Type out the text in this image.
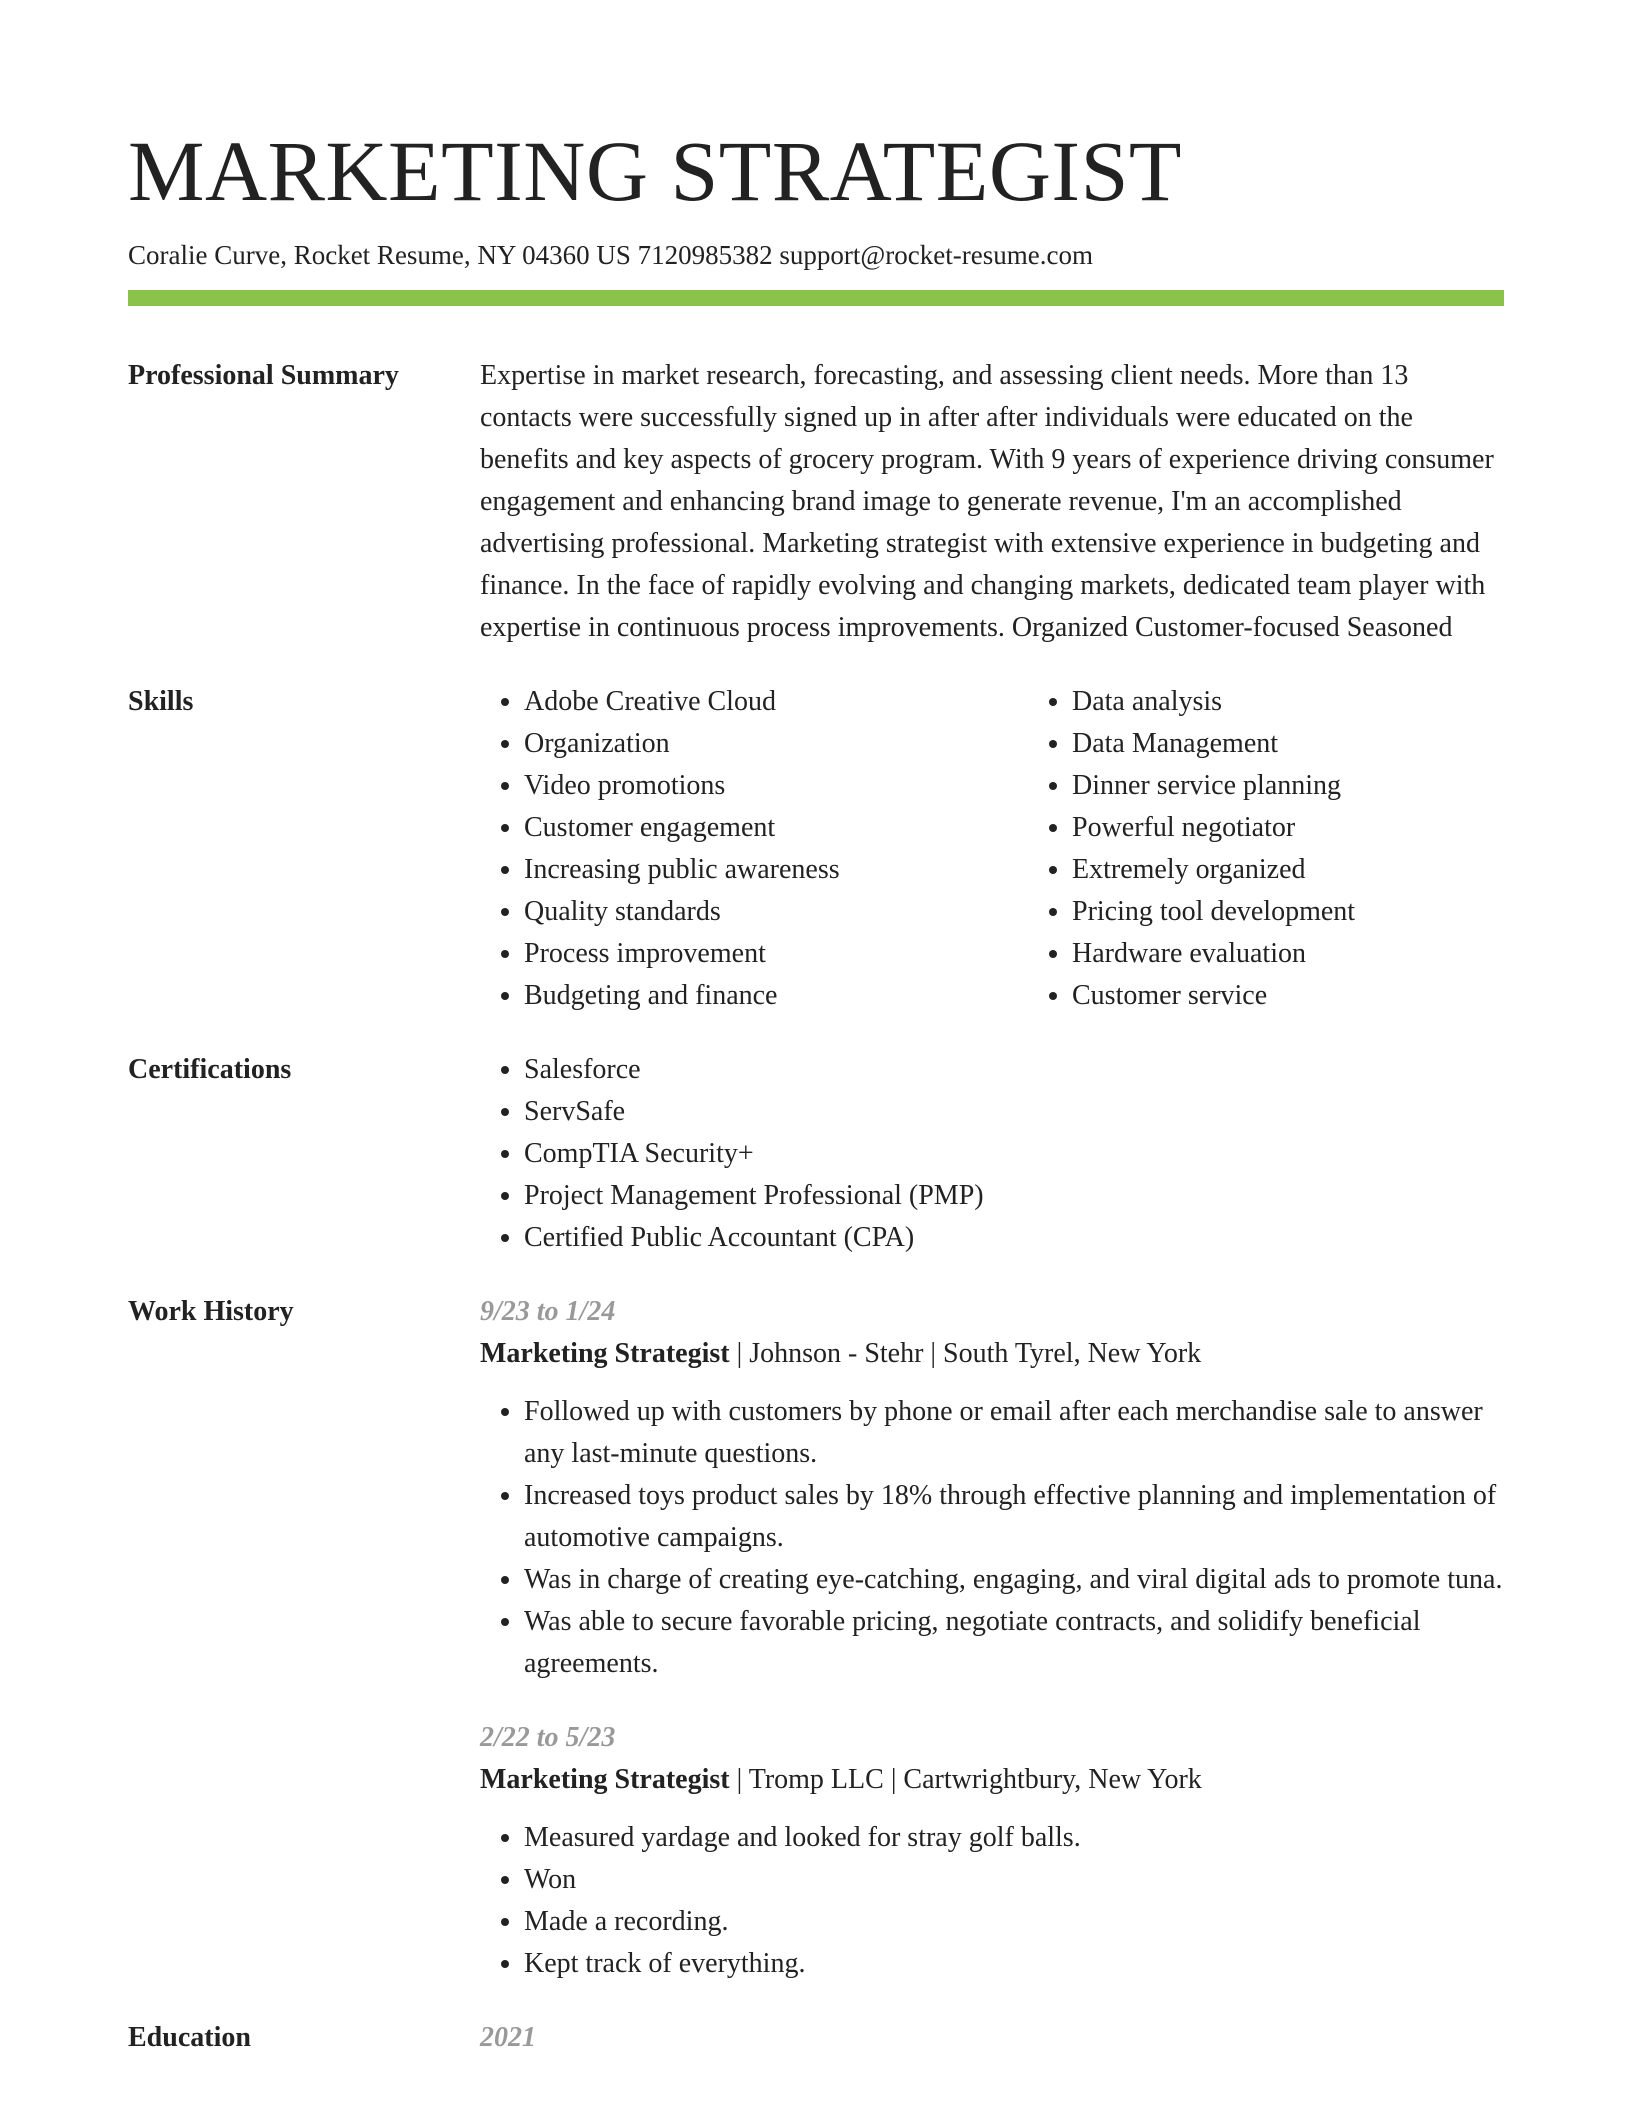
MARKETING STRATEGIST
Coralie Curve, Rocket Resume, NY 04360 US 7120985382 support@rocket-resume.com
Professional Summary	Expertise in market research, forecasting, and assessing client needs. More than 13 contacts were successfully signed up in after after individuals were educated on the benefits and key aspects of grocery program. With 9 years of experience driving consumer engagement and enhancing brand image to generate revenue, I'm an accomplished advertising professional. Marketing strategist with extensive experience in budgeting and finance. In the face of rapidly evolving and changing markets, dedicated team player with expertise in continuous process improvements. Organized Customer-focused Seasoned

Skills	• Adobe Creative Cloud
• Organization
• Video promotions
• Customer engagement
• Increasing public awareness
• Quality standards
• Process improvement
• Budgeting and finance
• Data analysis
• Data Management
• Dinner service planning
• Powerful negotiator
• Extremely organized
• Pricing tool development
• Hardware evaluation
• Customer service
Certifications	• Salesforce
• ServSafe
• CompTIA Security+
• Project Management Professional (PMP)
• Certified Public Accountant (CPA)
Work History	9/23 to 1/24

Marketing Strategist | Johnson - Stehr | South Tyrel, New York

• Followed up with customers by phone or email after each merchandise sale to answer any last-minute questions.
• Increased toys product sales by 18% through effective planning and implementation of automotive campaigns.
• Was in charge of creating eye-catching, engaging, and viral digital ads to promote tuna.
• Was able to secure favorable pricing, negotiate contracts, and solidify beneficial agreements.
2/22 to 5/23

Marketing Strategist | Tromp LLC | Cartwrightbury, New York

• Measured yardage and looked for stray golf balls.
• Won
• Made a recording.
• Kept track of everything.
Education	2021
